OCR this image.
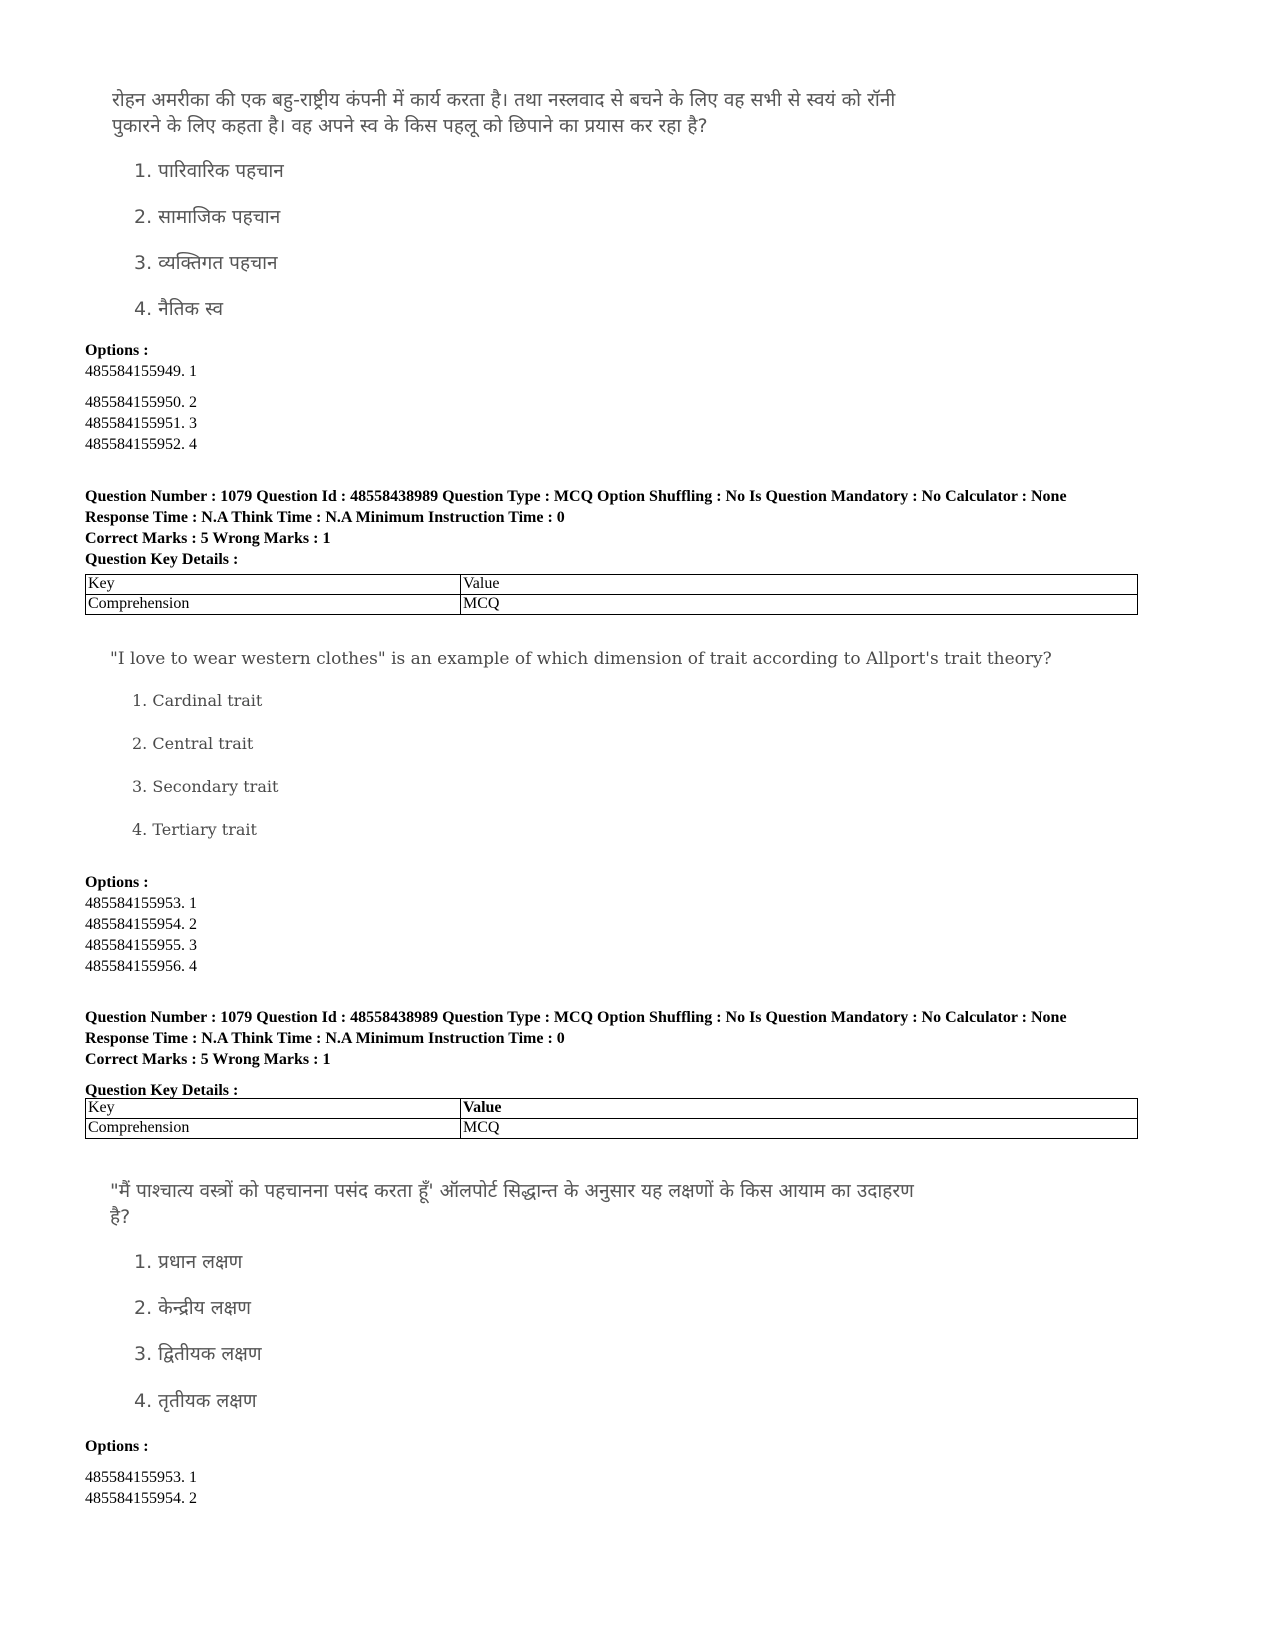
रोहन अमरीका की एक बहु-राष्ट्रीय कंपनी में कार्य करता है। तथा नस्लवाद से बचने के लिए वह सभी से स्वयं को रॉनी
पुकारने के लिए कहता है। वह अपने स्व के किस पहलू को छिपाने का प्रयास कर रहा है?
1. पारिवारिक पहचान
2. सामाजिक पहचान
3. व्यक्तिगत पहचान
4. नैतिक स्व
Options :
485584155949. 1
485584155950. 2
485584155951. 3
485584155952. 4
Question Number : 1079 Question Id : 48558438989 Question Type : MCQ Option Shuffling : No Is Question Mandatory : No Calculator : None
Response Time : N.A Think Time : N.A Minimum Instruction Time : 0
Correct Marks : 5 Wrong Marks : 1
Question Key Details :
Key	Value
Comprehension	MCQ
"I love to wear western clothes" is an example of which dimension of trait according to Allport's trait theory?
1. Cardinal trait
2. Central trait
3. Secondary trait
4. Tertiary trait
Options :
485584155953. 1
485584155954. 2
485584155955. 3
485584155956. 4
Question Number : 1079 Question Id : 48558438989 Question Type : MCQ Option Shuffling : No Is Question Mandatory : No Calculator : None
Response Time : N.A Think Time : N.A Minimum Instruction Time : 0
Correct Marks : 5 Wrong Marks : 1
Question Key Details :
Key	Value
Comprehension	MCQ
"मैं पाश्चात्य वस्त्रों को पहचानना पसंद करता हूँ' ऑलपोर्ट सिद्धान्त के अनुसार यह लक्षणों के किस आयाम का उदाहरण
है?
1. प्रधान लक्षण
2. केन्द्रीय लक्षण
3. द्वितीयक लक्षण
4. तृतीयक लक्षण
Options :
485584155953. 1
485584155954. 2
